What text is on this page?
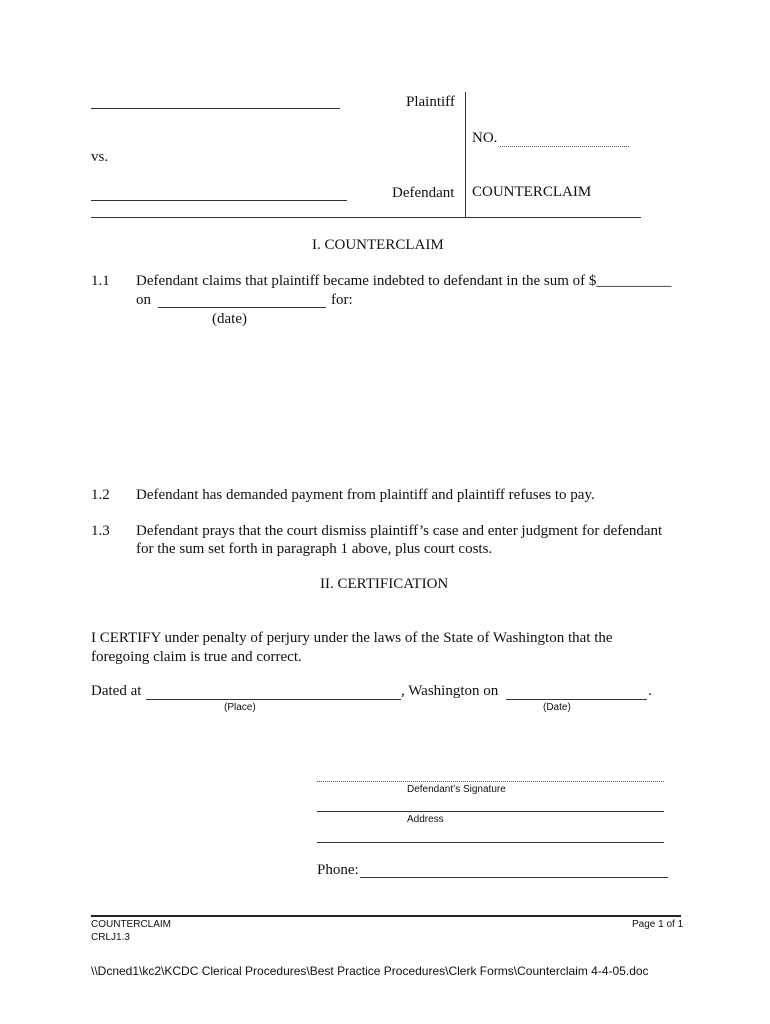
Plaintiff
NO.
vs.
Defendant COUNTERCLAIM
I. COUNTERCLAIM
1.1 Defendant claims that plaintiff became indebted to defendant in the sum of $__________
on	for:
(date)
1.2 Defendant has demanded payment from plaintiff and plaintiff refuses to pay.
1.3 Defendant prays that the court dismiss plaintiff’s case and enter judgment for defendant
for the sum set forth in paragraph 1 above, plus court costs.
II. CERTIFICATION
I CERTIFY under penalty of perjury under the laws of the State of Washington that the
foregoing claim is true and correct.
Dated at	, Washington on	.
(Place)	(Date)
Defendant’s Signature
Address
Phone:
COUNTERCLAIM
CRLJ1.3
Page 1 of 1
\\Dcned1\kc2\KCDC Clerical Procedures\Best Practice Procedures\Clerk Forms\Counterclaim 4-4-05.doc
